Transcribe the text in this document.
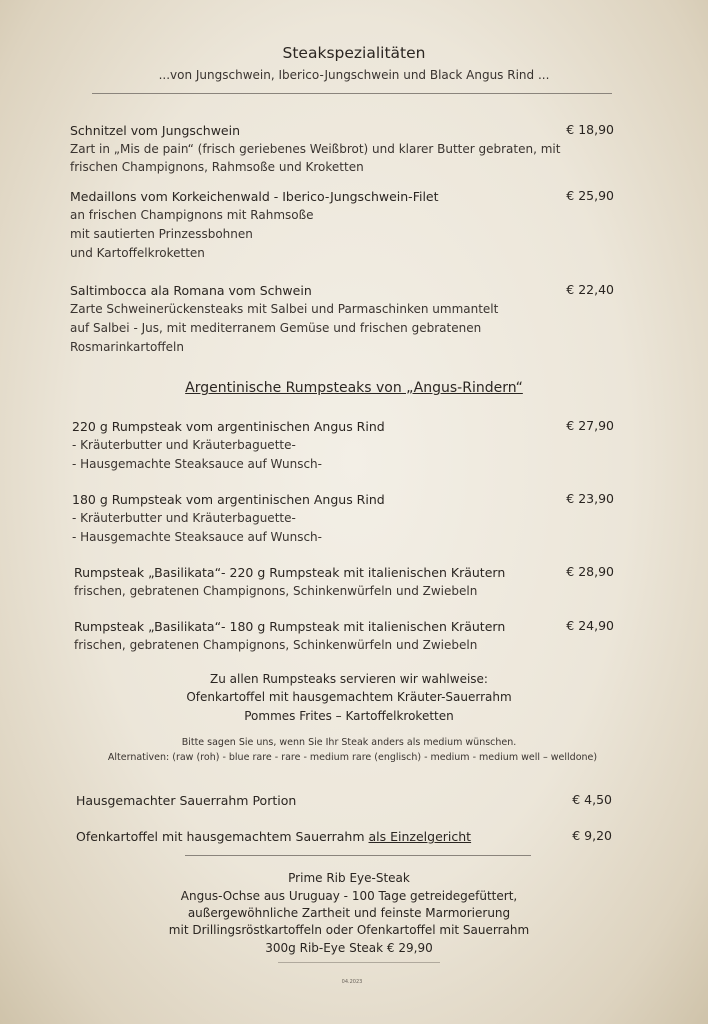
Steakspezialitäten
...von Jungschwein, Iberico-Jungschwein und Black Angus Rind ...
Schnitzel vom Jungschwein	€ 18,90
Zart in „Mis de pain“ (frisch geriebenes Weißbrot) und klarer Butter gebraten, mit
frischen Champignons, Rahmsoße und Kroketten
Medaillons vom Korkeichenwald - Iberico-Jungschwein-Filet	€ 25,90
an frischen Champignons mit Rahmsoße
mit sautierten Prinzessbohnen
und Kartoffelkroketten
Saltimbocca ala Romana vom Schwein	€ 22,40
Zarte Schweinerückensteaks mit Salbei und Parmaschinken ummantelt
auf Salbei - Jus, mit mediterranem Gemüse und frischen gebratenen
Rosmarinkartoffeln
Argentinische Rumpsteaks von „Angus-Rindern“
220 g Rumpsteak vom argentinischen Angus Rind	€ 27,90
- Kräuterbutter und Kräuterbaguette-
- Hausgemachte Steaksauce auf Wunsch-
180 g Rumpsteak vom argentinischen Angus Rind	€ 23,90
- Kräuterbutter und Kräuterbaguette-
- Hausgemachte Steaksauce auf Wunsch-
Rumpsteak „Basilikata“- 220 g Rumpsteak mit italienischen Kräutern	€ 28,90
frischen, gebratenen Champignons, Schinkenwürfeln und Zwiebeln
Rumpsteak „Basilikata“- 180 g Rumpsteak mit italienischen Kräutern	€ 24,90
frischen, gebratenen Champignons, Schinkenwürfeln und Zwiebeln
Zu allen Rumpsteaks servieren wir wahlweise:
Ofenkartoffel mit hausgemachtem Kräuter-Sauerrahm
Pommes Frites – Kartoffelkroketten
Bitte sagen Sie uns, wenn Sie Ihr Steak anders als medium wünschen.
Alternativen: (raw (roh) - blue rare - rare - medium rare (englisch) - medium - medium well – welldone)
Hausgemachter Sauerrahm Portion	€ 4,50
Ofenkartoffel mit hausgemachtem Sauerrahm als Einzelgericht	€ 9,20
Prime Rib Eye-Steak
Angus-Ochse aus Uruguay - 100 Tage getreidegefüttert,
außergewöhnliche Zartheit und feinste Marmorierung
mit Drillingsröstkartoffeln oder Ofenkartoffel mit Sauerrahm
300g Rib-Eye Steak € 29,90
04.2023
